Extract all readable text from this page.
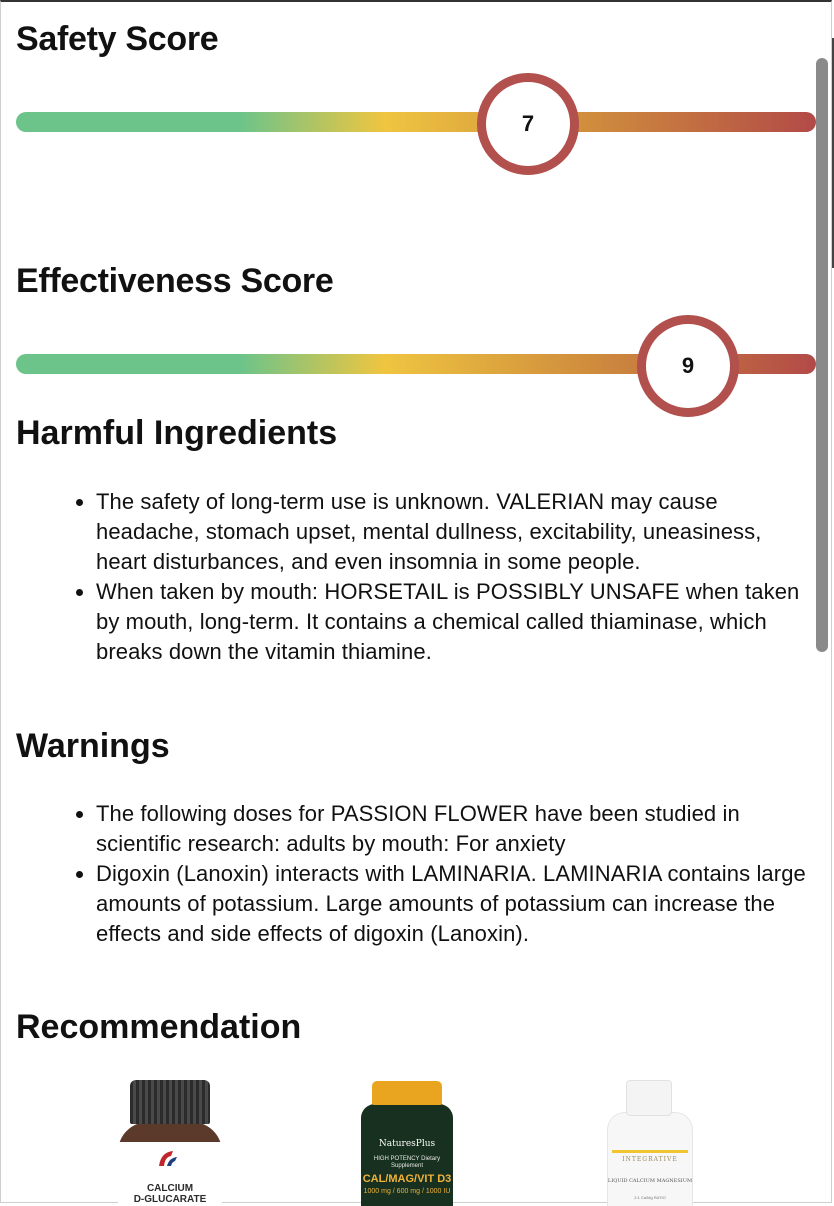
Safety Score
7
Effectiveness Score
9
Harmful Ingredients
• The safety of long-term use is unknown. VALERIAN may cause headache, stomach upset, mental dullness, excitability, uneasiness, heart disturbances, and even insomnia in some people.
• When taken by mouth: HORSETAIL is POSSIBLY UNSAFE when taken by mouth, long-term. It contains a chemical called thiaminase, which breaks down the vitamin thiamine.
Warnings
• The following doses for PASSION FLOWER have been studied in scientific research: adults by mouth: For anxiety
• Digoxin (Lanoxin) interacts with LAMINARIA. LAMINARIA contains large amounts of potassium. Large amounts of potassium can increase the effects and side effects of digoxin (Lanoxin).
Recommendation
CALCIUM
D-GLUCARATE
NaturesPlus
HIGH POTENCY Dietary Supplement
CAL/MAG/VIT D3
1000 mg / 600 mg / 1000 IU
INTEGRATIVE
LIQUID CALCIUM MAGNESIUM
2:1 Ca/Mg RATIO
